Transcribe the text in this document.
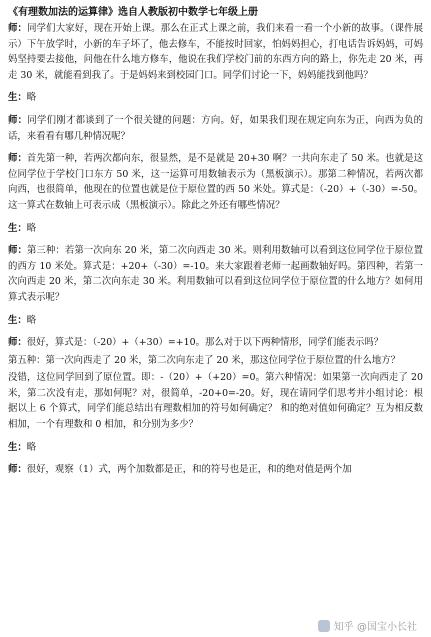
《有理数加法的运算律》选自人教版初中数学七年级上册
师：同学们大家好，现在开始上课。那么在正式上课之前，我们来看一看一个小新的故事。（课件展示）下午放学时，小新的车子坏了，他去修车，不能按时回家，怕妈妈担心，打电话告诉妈妈，可妈妈坚持要去接他，问他在什么地方修车，他说在我们学校门前的东西方向的路上，你先走 20 米，再走 30 米，就能看到我了。于是妈妈来到校园门口。同学们讨论一下，妈妈能找到他吗？
生：略
师：同学们刚才都谈到了一个很关键的问题：方向。好，如果我们现在规定向东为正，向西为负的话，来看看有哪几种情况呢？
师：首先第一种，若两次都向东，很显然，是不是就是 20+30 啊？一共向东走了 50 米。也就是这位同学位于学校门口东方 50 米，这一运算可用数轴表示为（黑板演示）。那第二种情况，若两次都向西，也很简单，他现在的位置也就是位于原位置的西 50 米处。算式是：（-20）+（-30）=-50。这一算式在数轴上可表示成（黑板演示）。除此之外还有哪些情况？
生：略
师：第三种：若第一次向东 20 米，第二次向西走 30 米。则利用数轴可以看到这位同学位于原位置的西方 10 米处。算式是：+20+（-30）=-10。来大家跟着老师一起画数轴好吗。第四种，若第一次向西走 20 米，第二次向东走 30 米。利用数轴可以看到这位同学位于原位置的什么地方？如何用算式表示呢？
生：略
师：很好，算式是：（-20）+（+30）=+10。那么对于以下两种情形，同学们能表示吗？
第五种：第一次向西走了 20 米，第二次向东走了 20 米，那这位同学位于原位置的什么地方？
没错，这位同学回到了原位置。即：-（20）+（+20）=0。第六种情况：如果第一次向西走了 20 米，第二次没有走，那如何呢？对，很简单，-20+0=-20。好，现在请同学们思考并小组讨论：根据以上 6 个算式，同学们能总结出有理数相加的符号如何确定？ 和的绝对值如何确定？互为相反数相加，一个有理数和 0 相加，和分别为多少？
生：略
师：很好，观察（1）式，两个加数都是正，和的符号也是正，和的绝对值是两个加
知乎 @国宝小长社
